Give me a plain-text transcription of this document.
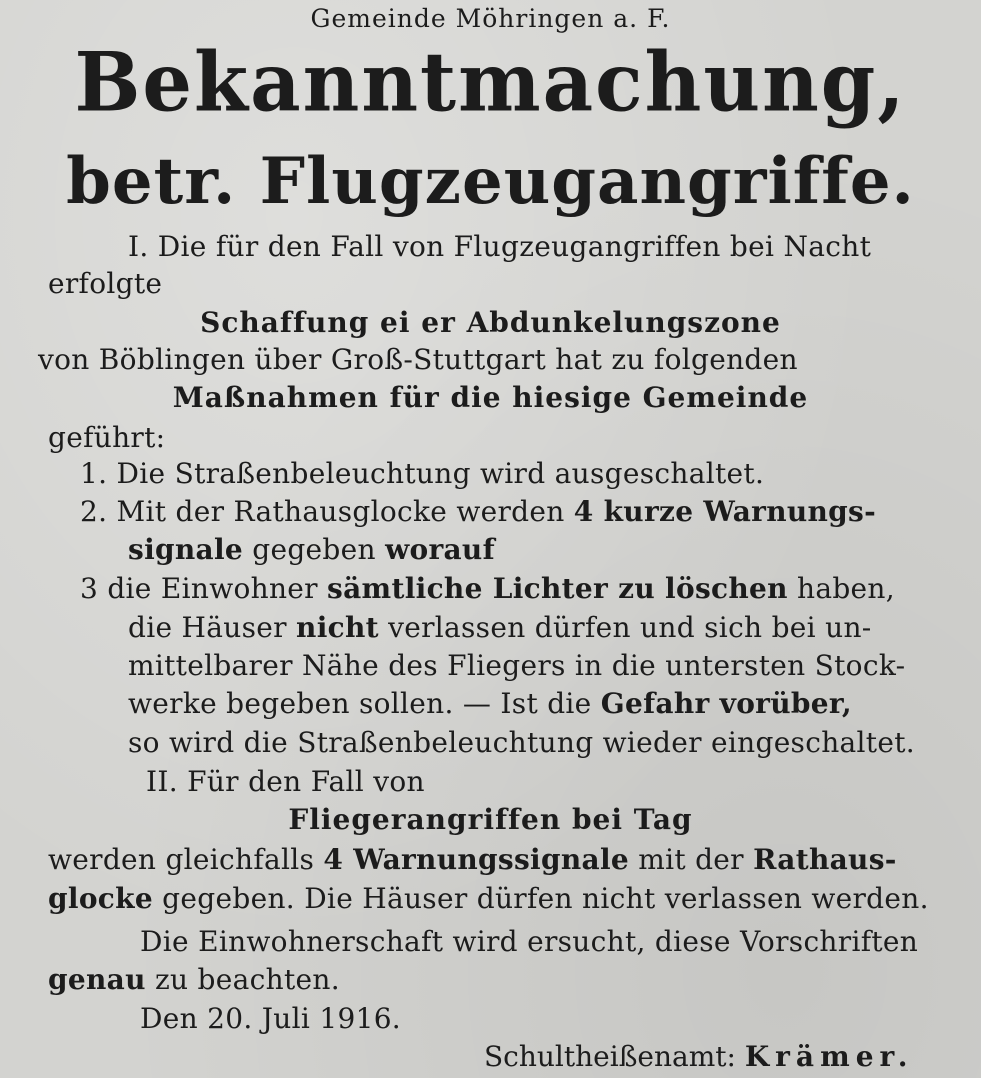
Gemeinde Möhringen a. F.
Bekanntmachung,
betr. Flugzeugangriffe.
I. Die für den Fall von Flugzeugangriffen bei Nacht
erfolgte
Schaffung ei er Abdunkelungszone
von Böblingen über Groß-Stuttgart hat zu folgenden
Maßnahmen für die hiesige Gemeinde
geführt:
1. Die Straßenbeleuchtung wird ausgeschaltet.
2. Mit der Rathausglocke werden 4 kurze Warnungs-
signale gegeben worauf
3 die Einwohner sämtliche Lichter zu löschen haben,
die Häuser nicht verlassen dürfen und sich bei un-
mittelbarer Nähe des Fliegers in die untersten Stock-
werke begeben sollen. — Ist die Gefahr vorüber,
so wird die Straßenbeleuchtung wieder eingeschaltet.
II. Für den Fall von
Fliegerangriffen bei Tag
werden gleichfalls 4 Warnungssignale mit der Rathaus-
glocke gegeben. Die Häuser dürfen nicht verlassen werden.
Die Einwohnerschaft wird ersucht, diese Vorschriften
genau zu beachten.
Den 20. Juli 1916.
Schultheißenamt: Krämer.
